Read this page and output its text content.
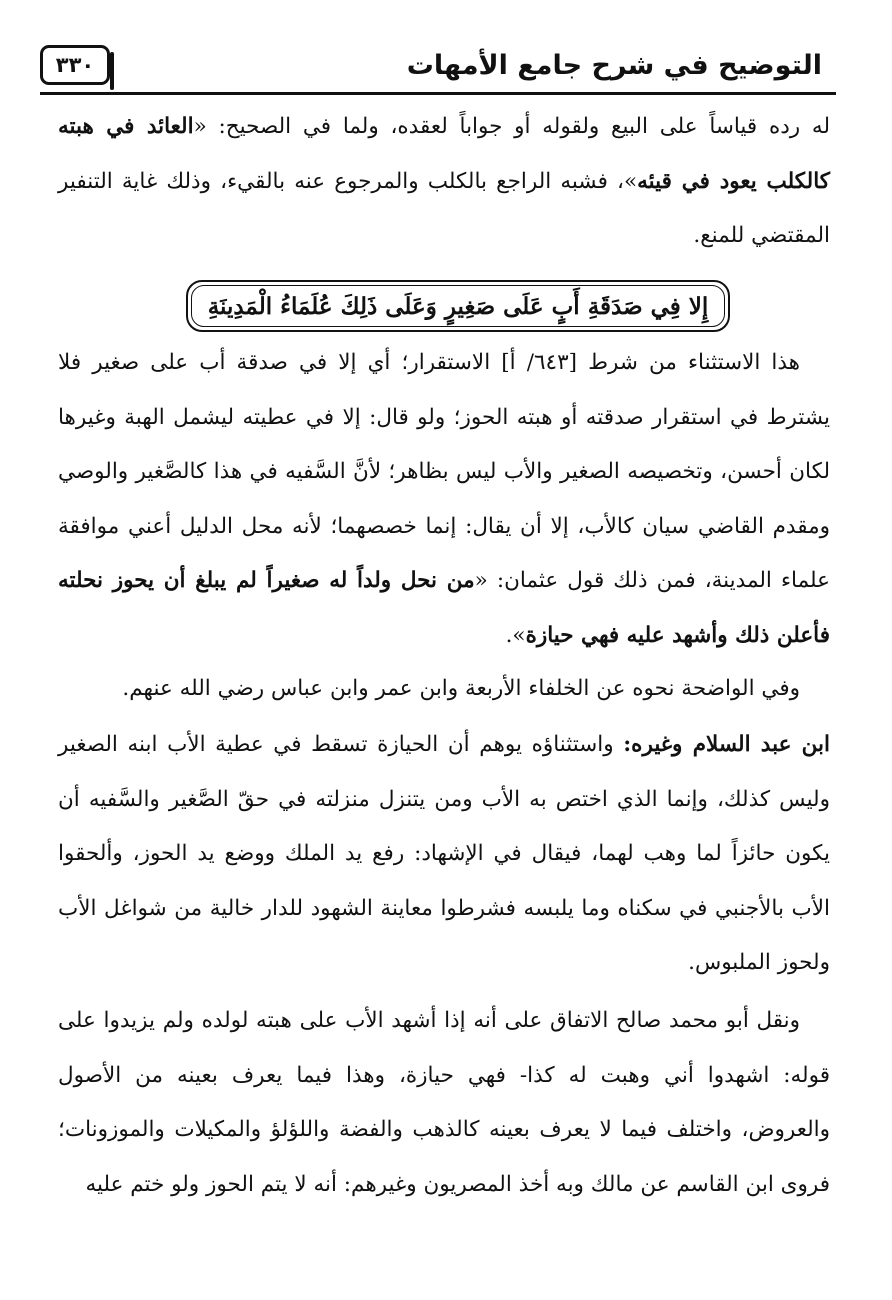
٣٣٠	التوضيح في شرح جامع الأمهات

له رده قياساً على البيع ولقوله أو جواباً لعقده، ولما في الصحيح: «العائد في هبته كالكلب يعود في قيئه»، فشبه الراجع بالكلب والمرجوع عنه بالقيء، وذلك غاية التنفير المقتضي للمنع.

إِلا فِي صَدَقَةِ أَبٍ عَلَى صَغِيرٍ وَعَلَى ذَلِكَ عُلَمَاءُ الْمَدِينَةِ

هذا الاستثناء من شرط [٦٤٣/ أ] الاستقرار؛ أي إلا في صدقة أب على صغير فلا يشترط في استقرار صدقته أو هبته الحوز؛ ولو قال: إلا في عطيته ليشمل الهبة وغيرها لكان أحسن، وتخصيصه الصغير والأب ليس بظاهر؛ لأنَّ السَّفيه في هذا كالصَّغير والوصي ومقدم القاضي سيان كالأب، إلا أن يقال: إنما خصصهما؛ لأنه محل الدليل أعني موافقة علماء المدينة، فمن ذلك قول عثمان: «من نحل ولداً له صغيراً لم يبلغ أن يحوز نحلته فأعلن ذلك وأشهد عليه فهي حيازة».

وفي الواضحة نحوه عن الخلفاء الأربعة وابن عمر وابن عباس رضي الله عنهم.

ابن عبد السلام وغيره: واستثناؤه يوهم أن الحيازة تسقط في عطية الأب ابنه الصغير وليس كذلك، وإنما الذي اختص به الأب ومن يتنزل منزلته في حقّ الصَّغير والسَّفيه أن يكون حائزاً لما وهب لهما، فيقال في الإشهاد: رفع يد الملك ووضع يد الحوز، وألحقوا الأب بالأجنبي في سكناه وما يلبسه فشرطوا معاينة الشهود للدار خالية من شواغل الأب ولحوز الملبوس.

ونقل أبو محمد صالح الاتفاق على أنه إذا أشهد الأب على هبته لولده ولم يزيدوا على قوله: اشهدوا أني وهبت له كذا- فهي حيازة، وهذا فيما يعرف بعينه من الأصول والعروض، واختلف فيما لا يعرف بعينه كالذهب والفضة واللؤلؤ والمكيلات والموزونات؛ فروى ابن القاسم عن مالك وبه أخذ المصريون وغيرهم: أنه لا يتم الحوز ولو ختم عليه
